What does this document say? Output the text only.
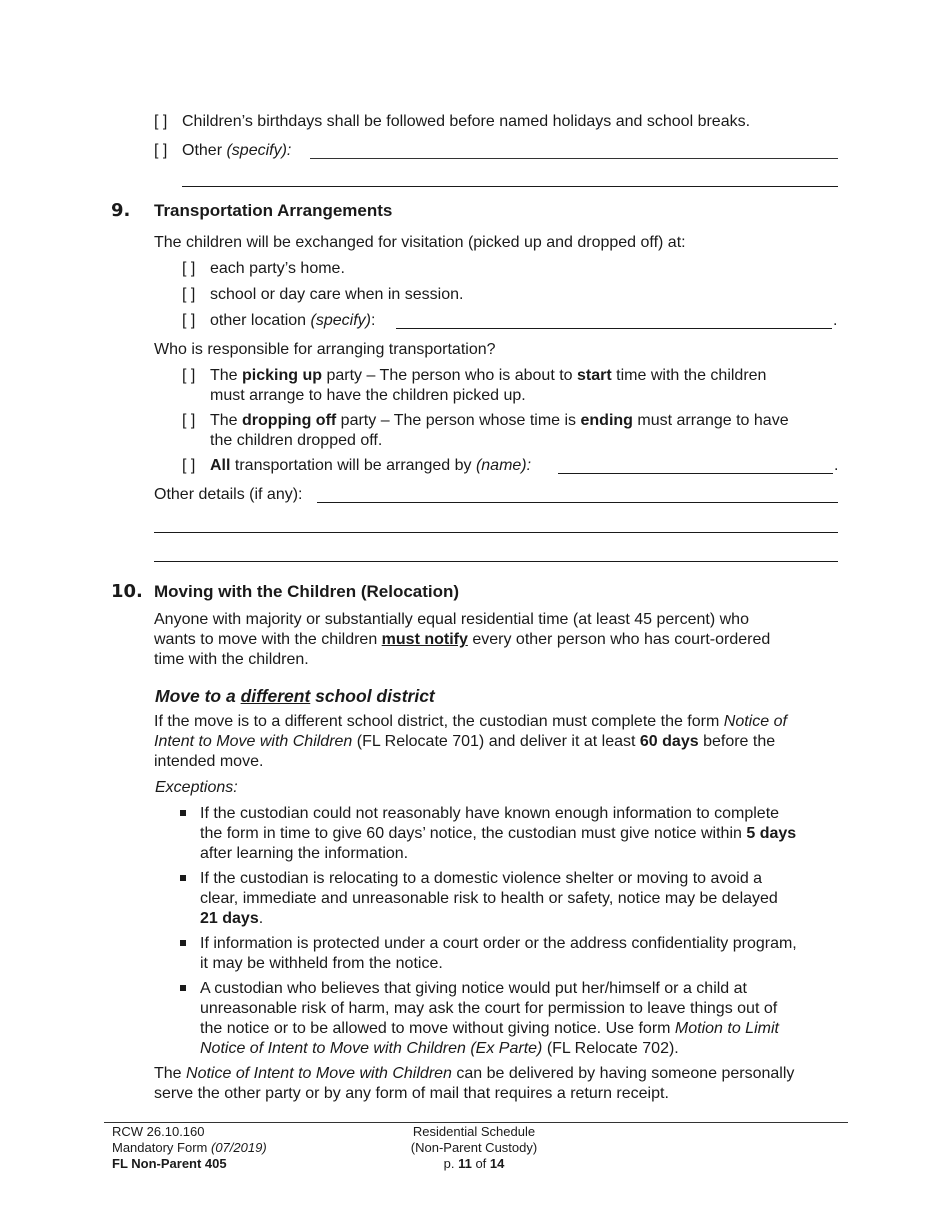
[ ] Children’s birthdays shall be followed before named holidays and school breaks.
[ ] Other (specify):
9. Transportation Arrangements
The children will be exchanged for visitation (picked up and dropped off) at:
[ ] each party’s home.
[ ] school or day care when in session.
[ ] other location (specify):	.
Who is responsible for arranging transportation?
[ ] The picking up party – The person who is about to start time with the children
must arrange to have the children picked up.
[ ] The dropping off party – The person whose time is ending must arrange to have
the children dropped off.
[ ] All transportation will be arranged by (name):	.
Other details (if any):
10. Moving with the Children (Relocation)
Anyone with majority or substantially equal residential time (at least 45 percent) who
wants to move with the children must notify every other person who has court-ordered
time with the children.
Move to a different school district
If the move is to a different school district, the custodian must complete the form Notice of
Intent to Move with Children (FL Relocate 701) and deliver it at least 60 days before the
intended move.
Exceptions:
If the custodian could not reasonably have known enough information to complete
the form in time to give 60 days’ notice, the custodian must give notice within 5 days
after learning the information.
If the custodian is relocating to a domestic violence shelter or moving to avoid a
clear, immediate and unreasonable risk to health or safety, notice may be delayed
21 days.
If information is protected under a court order or the address confidentiality program,
it may be withheld from the notice.
A custodian who believes that giving notice would put her/himself or a child at
unreasonable risk of harm, may ask the court for permission to leave things out of
the notice or to be allowed to move without giving notice. Use form Motion to Limit
Notice of Intent to Move with Children (Ex Parte) (FL Relocate 702).
The Notice of Intent to Move with Children can be delivered by having someone personally
serve the other party or by any form of mail that requires a return receipt.
RCW 26.10.160
Mandatory Form (07/2019)
FL Non-Parent 405
Residential Schedule
(Non-Parent Custody)
p. 11 of 14
